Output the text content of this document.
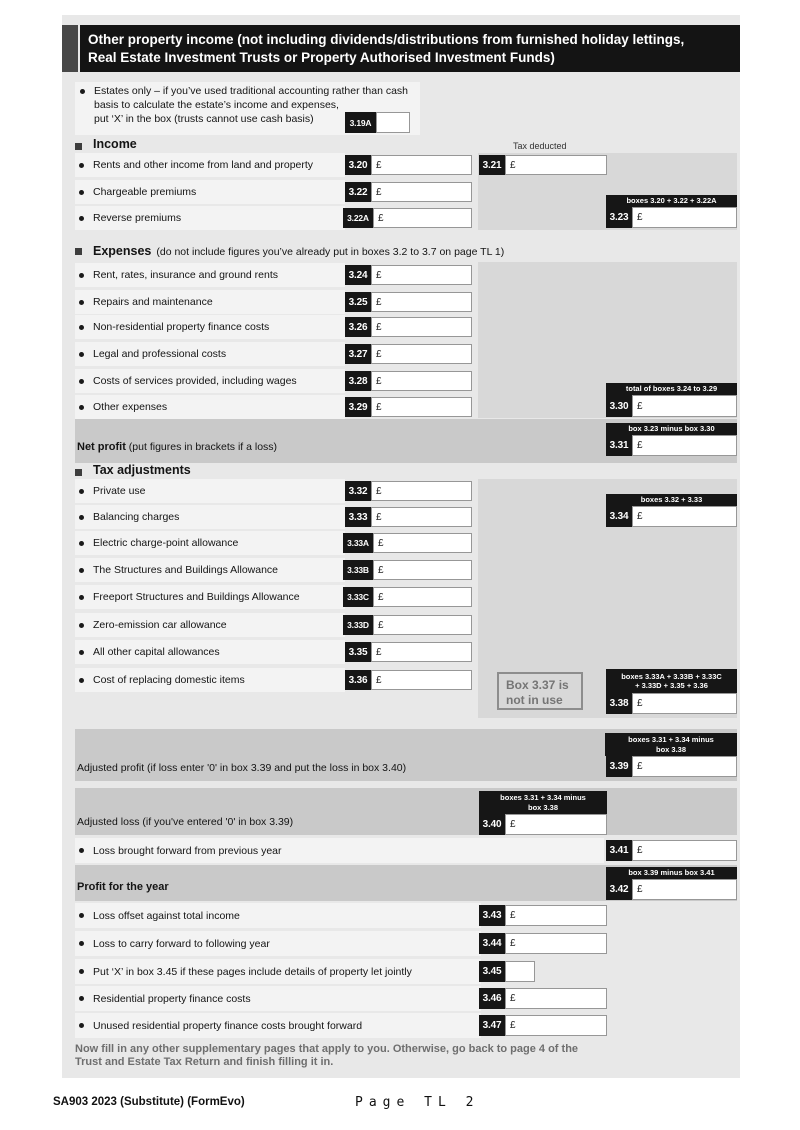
Other property income (not including dividends/distributions from furnished holiday lettings,
Real Estate Investment Trusts or Property Authorised Investment Funds)
Estates only – if you’ve used traditional accounting rather than cash
basis to calculate the estate’s income and expenses,
put ‘X’ in the box (trusts cannot use cash basis)	3.19A
Income	Tax deducted
Rents and other income from land and property	3.20 £	3.21 £
Chargeable premiums	3.22 £
Reverse premiums	3.22A £
boxes 3.20 + 3.22 + 3.22A
3.23 £
Expenses (do not include figures you’ve already put in boxes 3.2 to 3.7 on page TL 1)
Rent, rates, insurance and ground rents	3.24 £
Repairs and maintenance	3.25 £
Non-residential property finance costs	3.26 £
Legal and professional costs	3.27 £
Costs of services provided, including wages	3.28 £
Other expenses	3.29 £
total of boxes 3.24 to 3.29
3.30 £
Net profit (put figures in brackets if a loss)
box 3.23 minus box 3.30
3.31 £
Tax adjustments
Private use	3.32 £
Balancing charges	3.33 £
Electric charge-point allowance	3.33A £
The Structures and Buildings Allowance	3.33B £
Freeport Structures and Buildings Allowance	3.33C £
Zero-emission car allowance	3.33D £
All other capital allowances	3.35 £
Cost of replacing domestic items	3.36 £
boxes 3.32 + 3.33
3.34 £
Box 3.37 is
not in use
boxes 3.33A + 3.33B + 3.33C
+ 3.33D + 3.35 + 3.36
3.38 £
Adjusted profit (if loss enter '0' in box 3.39 and put the loss in box 3.40)
boxes 3.31 + 3.34 minus
box 3.38
3.39 £
Adjusted loss (if you've entered '0' in box 3.39)
boxes 3.31 + 3.34 minus
box 3.38
3.40 £
Loss brought forward from previous year	3.41 £
Profit for the year
box 3.39 minus box 3.41
3.42 £
Loss offset against total income	3.43 £
Loss to carry forward to following year	3.44 £
Put ‘X’ in box 3.45 if these pages include details of property let jointly	3.45
Residential property finance costs	3.46 £
Unused residential property finance costs brought forward	3.47 £
Now fill in any other supplementary pages that apply to you. Otherwise, go back to page 4 of the
Trust and Estate Tax Return and finish filling it in.
SA903 2023 (Substitute) (FormEvo)	Page TL 2
